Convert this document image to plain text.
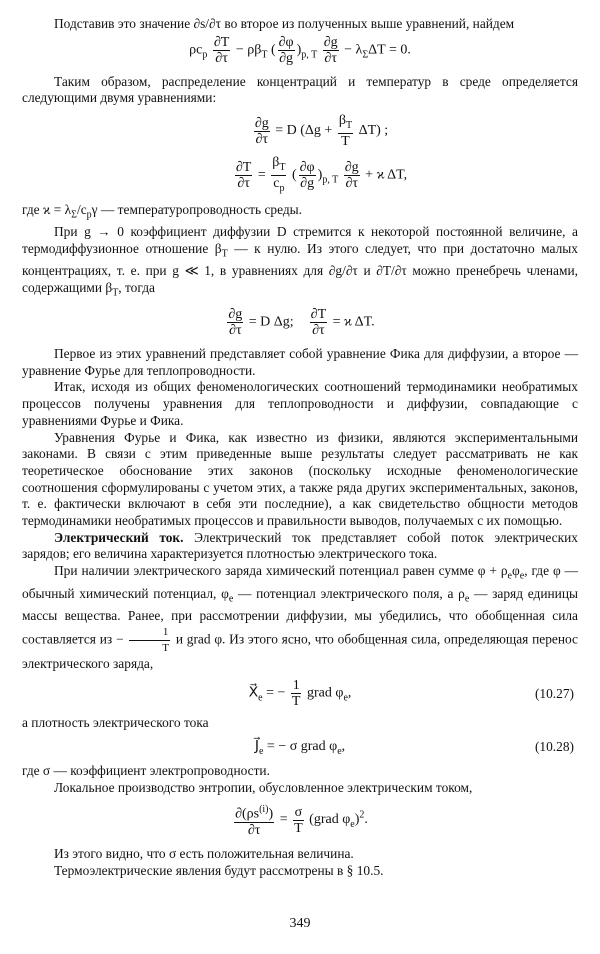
Подставив это значение ∂s/∂τ во второе из полученных выше уравнений, найдем

$\rho c_p \frac{\partial T}{\partial\tau} - \rho\beta_T$ ( $\frac{\partial\varphi}{\partial g} )_{p, T} \frac{\partial g}{\partial\tau} - \lambda_\Sigma\Delta T = 0$.

Таким образом, распределение концентраций и температур в среде определяется следующими двумя уравнениями:

$\frac{\partial g}{\partial\tau} = D$ $(\Delta g + \frac{\beta_T}{T} \Delta T)$ ;
$\frac{\partial T}{\partial\tau} = \frac{\beta_T}{c_p}$ ( $\frac{\partial\varphi}{\partial g} )_{p, T} \frac{\partial g}{\partial\tau} + ϰ$ ΔT,

где $ϰ = \lambda_\Sigma/c_p\gamma$ — температуропроводность среды.

При g → 0 коэффициент диффузии D стремится к некоторой постоянной величине, а термодиффузионное отношение $\beta_T$ — к нулю. Из этого следует, что при достаточно малых концентрациях, т. е. при g ≪ 1, в уравнениях для ∂g/∂τ и ∂T/∂τ можно пренебречь членами, содержащими $\beta_T$, тогда

$\frac{\partial g}{\partial\tau} = D$ Δg; $\frac{\partial T}{\partial\tau} = ϰ$ ΔT.

Первое из этих уравнений представляет собой уравнение Фика для диффузии, а второе — уравнение Фурье для теплопроводности.

Итак, исходя из общих феноменологических соотношений термодинамики необратимых процессов получены уравнения для теплопроводности и диффузии, совпадающие с уравнениями Фурье и Фика.

Уравнения Фурье и Фика, как известно из физики, являются экспериментальными законами. В связи с этим приведенные выше результаты следует рассматривать не как теоретическое обоснование этих законов (поскольку исходные феноменологические соотношения сформулированы с учетом этих, а также ряда других экспериментальных, законов, т. е. фактически включают в себя эти последние), а как свидетельство общности методов термодинамики необратимых процессов и правильности выводов, получаемых с их помощью.

Электрический ток. Электрический ток представляет собой поток электрических зарядов; его величина характеризуется плотностью электрического тока.

При наличии электрического заряда химический потенциал равен сумме $\varphi + \rho_e\varphi_e$, где φ — обычный химический потенциал, $\varphi_e$ — потенциал электрического поля, а $\rho_e$ — заряд единицы массы вещества. Ранее, при рассмотрении диффузии, мы убедились, что обобщенная сила составляется из − $\frac{1}{T}$ и grad φ. Из этого ясно, что обобщенная сила, определяющая перенос электрического заряда,

$X⃗_e$ = − $\frac{1}{T}$ grad $\varphi_e$,	(10.27)

а плотность электрического тока

$J⃗_e$ = − σ grad $\varphi_e$,	(10.28)

где σ — коэффициент электропроводности.

Локальное производство энтропии, обусловленное электрическим током,

$\frac{\partial(\rho s^{(i)})}{\partial\tau} = \frac{\sigma}{T}$ (grad $\varphi_e)^2$.

Из этого видно, что σ есть положительная величина.

Термоэлектрические явления будут рассмотрены в § 10.5.

349
